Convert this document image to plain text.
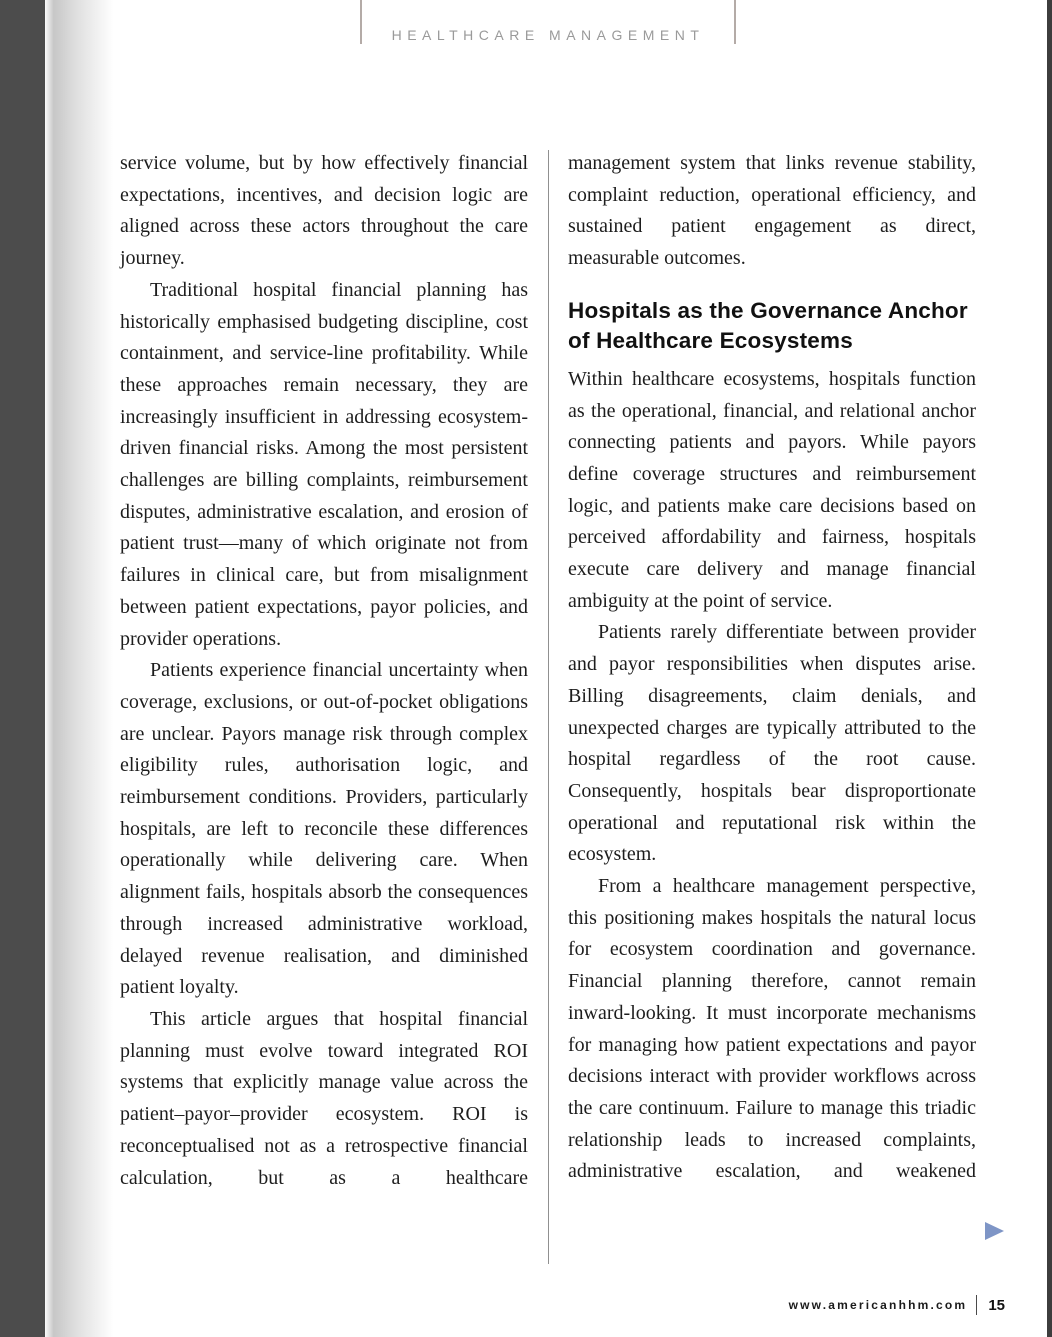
HEALTHCARE MANAGEMENT

service volume, but by how effectively financial expectations, incentives, and decision logic are aligned across these actors throughout the care journey.

Traditional hospital financial planning has historically emphasised budgeting discipline, cost containment, and service-line profitability. While these approaches remain necessary, they are increasingly insufficient in addressing ecosystem-driven financial risks. Among the most persistent challenges are billing complaints, reimbursement disputes, administrative escalation, and erosion of patient trust—many of which originate not from failures in clinical care, but from misalignment between patient expectations, payor policies, and provider operations.

Patients experience financial uncertainty when coverage, exclusions, or out-of-pocket obligations are unclear. Payors manage risk through complex eligibility rules, authorisation logic, and reimbursement conditions. Providers, particularly hospitals, are left to reconcile these differences operationally while delivering care. When alignment fails, hospitals absorb the consequences through increased administrative workload, delayed revenue realisation, and diminished patient loyalty.

This article argues that hospital financial planning must evolve toward integrated ROI systems that explicitly manage value across the patient–payor–provider ecosystem. ROI is reconceptualised not as a retrospective financial calculation, but as a healthcare

management system that links revenue stability, complaint reduction, operational efficiency, and sustained patient engagement as direct, measurable outcomes.

Hospitals as the Governance Anchor of Healthcare Ecosystems

Within healthcare ecosystems, hospitals function as the operational, financial, and relational anchor connecting patients and payors. While payors define coverage structures and reimbursement logic, and patients make care decisions based on perceived affordability and fairness, hospitals execute care delivery and manage financial ambiguity at the point of service.

Patients rarely differentiate between provider and payor responsibilities when disputes arise. Billing disagreements, claim denials, and unexpected charges are typically attributed to the hospital regardless of the root cause. Consequently, hospitals bear disproportionate operational and reputational risk within the ecosystem.

From a healthcare management perspective, this positioning makes hospitals the natural locus for ecosystem coordination and governance. Financial planning therefore, cannot remain inward-looking. It must incorporate mechanisms for managing how patient expectations and payor decisions interact with provider workflows across the care continuum. Failure to manage this triadic relationship leads to increased complaints, administrative escalation, and weakened

www.americanhhm.com 15
